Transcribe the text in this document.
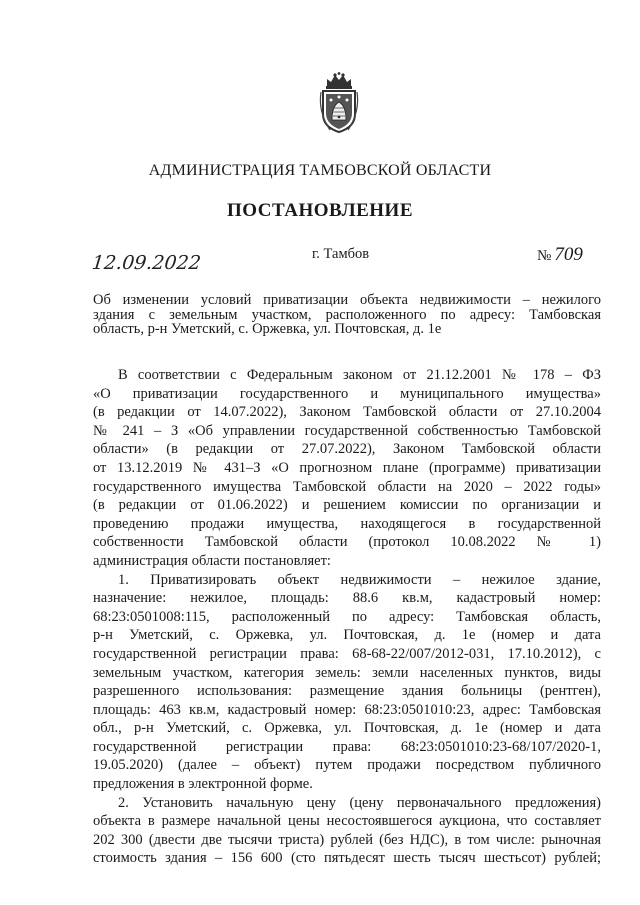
АДМИНИСТРАЦИЯ ТАМБОВСКОЙ ОБЛАСТИ
ПОСТАНОВЛЕНИЕ
12.09.2022	г. Тамбов	№ 709
Об изменении условий приватизации объекта недвижимости – нежилого
здания с земельным участком, расположенного по адресу: Тамбовская
область, р-н Уметский, с. Оржевка, ул. Почтовская, д. 1е
В соответствии с Федеральным законом от 21.12.2001 № 178 – ФЗ
«О приватизации государственного и муниципального имущества»
(в редакции от 14.07.2022), Законом Тамбовской области от 27.10.2004
№ 241 – З «Об управлении государственной собственностью Тамбовской
области» (в редакции от 27.07.2022), Законом Тамбовской области
от 13.12.2019 № 431–З «О прогнозном плане (программе) приватизации
государственного имущества Тамбовской области на 2020 – 2022 годы»
(в редакции от 01.06.2022) и решением комиссии по организации и
проведению продажи имущества, находящегося в государственной
собственности Тамбовской области (протокол 10.08.2022 № 1)
администрация области постановляет:
1. Приватизировать объект недвижимости – нежилое здание,
назначение: нежилое, площадь: 88.6 кв.м, кадастровый номер:
68:23:0501008:115, расположенный по адресу: Тамбовская область,
р-н Уметский, с. Оржевка, ул. Почтовская, д. 1е (номер и дата
государственной регистрации права: 68-68-22/007/2012-031, 17.10.2012), с
земельным участком, категория земель: земли населенных пунктов, виды
разрешенного использования: размещение здания больницы (рентген),
площадь: 463 кв.м, кадастровый номер: 68:23:0501010:23, адрес: Тамбовская
обл., р-н Уметский, с. Оржевка, ул. Почтовская, д. 1е (номер и дата
государственной регистрации права: 68:23:0501010:23-68/107/2020-1,
19.05.2020) (далее – объект) путем продажи посредством публичного
предложения в электронной форме.
2. Установить начальную цену (цену первоначального предложения)
объекта в размере начальной цены несостоявшегося аукциона, что составляет
202 300 (двести две тысячи триста) рублей (без НДС), в том числе: рыночная
стоимость здания – 156 600 (сто пятьдесят шесть тысяч шестьсот) рублей;
